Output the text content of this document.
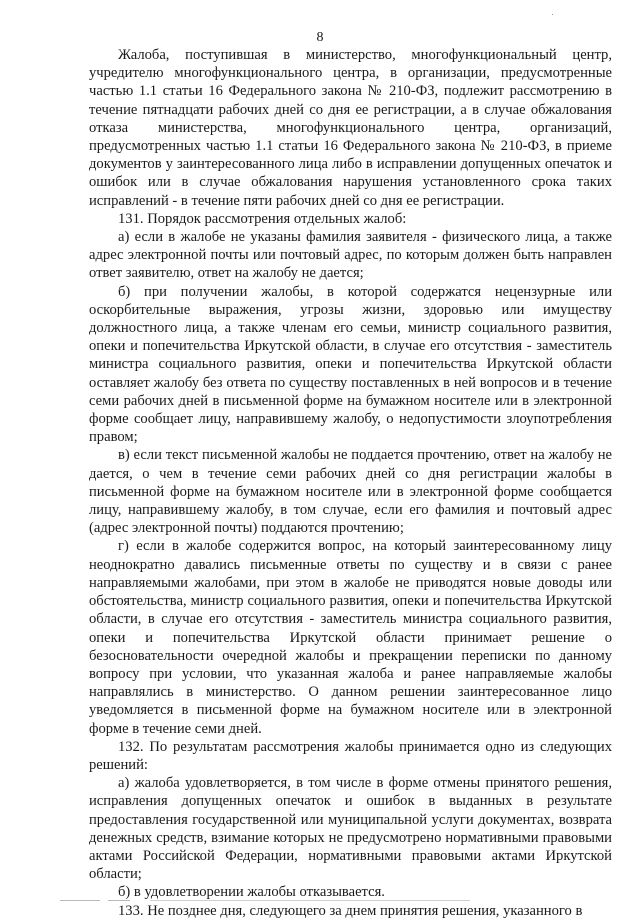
8

Жалоба, поступившая в министерство, многофункциональный центр, учредителю многофункционального центра, в организации, предусмотренные частью 1.1 статьи 16 Федерального закона № 210-ФЗ, подлежит рассмотрению в течение пятнадцати рабочих дней со дня ее регистрации, а в случае обжалования отказа министерства, многофункционального центра, организаций, предусмотренных частью 1.1 статьи 16 Федерального закона № 210-ФЗ, в приеме документов у заинтересованного лица либо в исправлении допущенных опечаток и ошибок или в случае обжалования нарушения установленного срока таких исправлений - в течение пяти рабочих дней со дня ее регистрации.

131. Порядок рассмотрения отдельных жалоб:

а) если в жалобе не указаны фамилия заявителя - физического лица, а также адрес электронной почты или почтовый адрес, по которым должен быть направлен ответ заявителю, ответ на жалобу не дается;

б) при получении жалобы, в которой содержатся нецензурные или оскорбительные выражения, угрозы жизни, здоровью или имуществу должностного лица, а также членам его семьи, министр социального развития, опеки и попечительства Иркутской области, в случае его отсутствия - заместитель министра социального развития, опеки и попечительства Иркутской области оставляет жалобу без ответа по существу поставленных в ней вопросов и в течение семи рабочих дней в письменной форме на бумажном носителе или в электронной форме сообщает лицу, направившему жалобу, о недопустимости злоупотребления правом;

в) если текст письменной жалобы не поддается прочтению, ответ на жалобу не дается, о чем в течение семи рабочих дней со дня регистрации жалобы в письменной форме на бумажном носителе или в электронной форме сообщается лицу, направившему жалобу, в том случае, если его фамилия и почтовый адрес (адрес электронной почты) поддаются прочтению;

г) если в жалобе содержится вопрос, на который заинтересованному лицу неоднократно давались письменные ответы по существу и в связи с ранее направляемыми жалобами, при этом в жалобе не приводятся новые доводы или обстоятельства, министр социального развития, опеки и попечительства Иркутской области, в случае его отсутствия - заместитель министра социального развития, опеки и попечительства Иркутской области принимает решение о безосновательности очередной жалобы и прекращении переписки по данному вопросу при условии, что указанная жалоба и ранее направляемые жалобы направлялись в министерство. О данном решении заинтересованное лицо уведомляется в письменной форме на бумажном носителе или в электронной форме в течение семи дней.

132. По результатам рассмотрения жалобы принимается одно из следующих решений:

а) жалоба удовлетворяется, в том числе в форме отмены принятого решения, исправления допущенных опечаток и ошибок в выданных в результате предоставления государственной или муниципальной услуги документах, возврата денежных средств, взимание которых не предусмотрено нормативными правовыми актами Российской Федерации, нормативными правовыми актами Иркутской области;

б) в удовлетворении жалобы отказывается.

133. Не позднее дня, следующего за днем принятия решения, указанного в
